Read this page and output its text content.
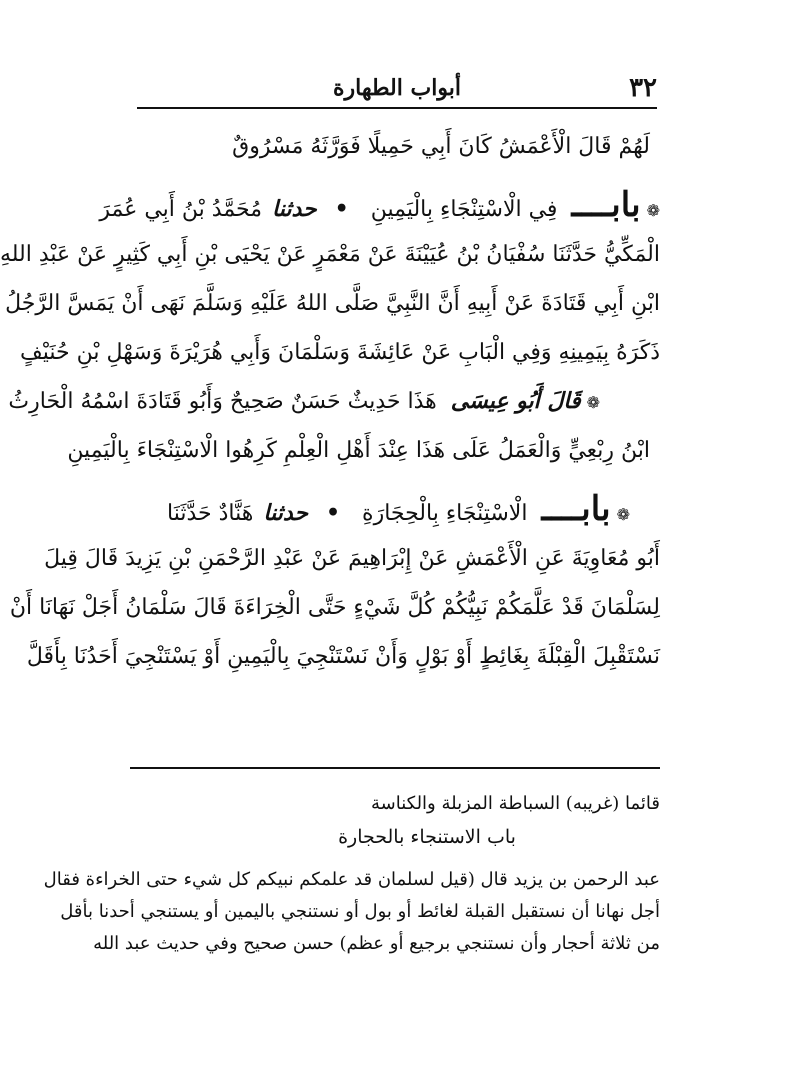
٣٢
أبواب الطهارة
لَهُمْ قَالَ الْأَعْمَشُ كَانَ أَبِي حَمِيلًا فَوَرَّثَهُ مَسْرُوقٌ
❁
بابــــ
فِي الْاسْتِنْجَاءِ بِالْيَمِينِ
•
حدثنا
مُحَمَّدُ بْنُ أَبِي عُمَرَ
الْمَكِّيُّ حَدَّثَنَا سُفْيَانُ بْنُ عُيَيْنَةَ عَنْ مَعْمَرٍ عَنْ يَحْيَى بْنِ أَبِي كَثِيرٍ عَنْ عَبْدِ اللهِ
ابْنِ أَبِي قَتَادَةَ عَنْ أَبِيهِ أَنَّ النَّبِيَّ صَلَّى اللهُ عَلَيْهِ وَسَلَّمَ نَهَى أَنْ يَمَسَّ الرَّجُلُ
ذَكَرَهُ بِيَمِينِهِ وَفِي الْبَابِ عَنْ عَائِشَةَ وَسَلْمَانَ وَأَبِي هُرَيْرَةَ وَسَهْلِ بْنِ حُنَيْفٍ
❁
قَالَ أَبُو عِيسَى
هَذَا حَدِيثٌ حَسَنٌ صَحِيحٌ وَأَبُو قَتَادَةَ اسْمُهُ الْحَارِثُ
ابْنُ رِبْعِيٍّ وَالْعَمَلُ عَلَى هَذَا عِنْدَ أَهْلِ الْعِلْمِ كَرِهُوا الْاسْتِنْجَاءَ بِالْيَمِينِ
❁
بابــــ
الْاسْتِنْجَاءِ بِالْحِجَارَةِ
•
حدثنا
هَنَّادٌ حَدَّثَنَا
أَبُو مُعَاوِيَةَ عَنِ الْأَعْمَشِ عَنْ إِبْرَاهِيمَ عَنْ عَبْدِ الرَّحْمَنِ بْنِ يَزِيدَ قَالَ قِيلَ
لِسَلْمَانَ قَدْ عَلَّمَكُمْ نَبِيُّكُمْ كُلَّ شَيْءٍ حَتَّى الْخِرَاءَةَ قَالَ سَلْمَانُ أَجَلْ نَهَانَا أَنْ
نَسْتَقْبِلَ الْقِبْلَةَ بِغَائِطٍ أَوْ بَوْلٍ وَأَنْ نَسْتَنْجِيَ بِالْيَمِينِ أَوْ يَسْتَنْجِيَ أَحَدُنَا بِأَقَلَّ
قائما (غريبه) السباطة المزبلة والكناسة
باب الاستنجاء بالحجارة
عبد الرحمن بن يزيد قال (قيل لسلمان قد علمكم نبيكم كل شيء حتى الخراءة فقال
أجل نهانا أن نستقبل القبلة لغائط أو بول أو نستنجي باليمين أو يستنجي أحدنا بأقل
من ثلاثة أحجار وأن نستنجي برجيع أو عظم) حسن صحيح وفي حديث عبد الله
